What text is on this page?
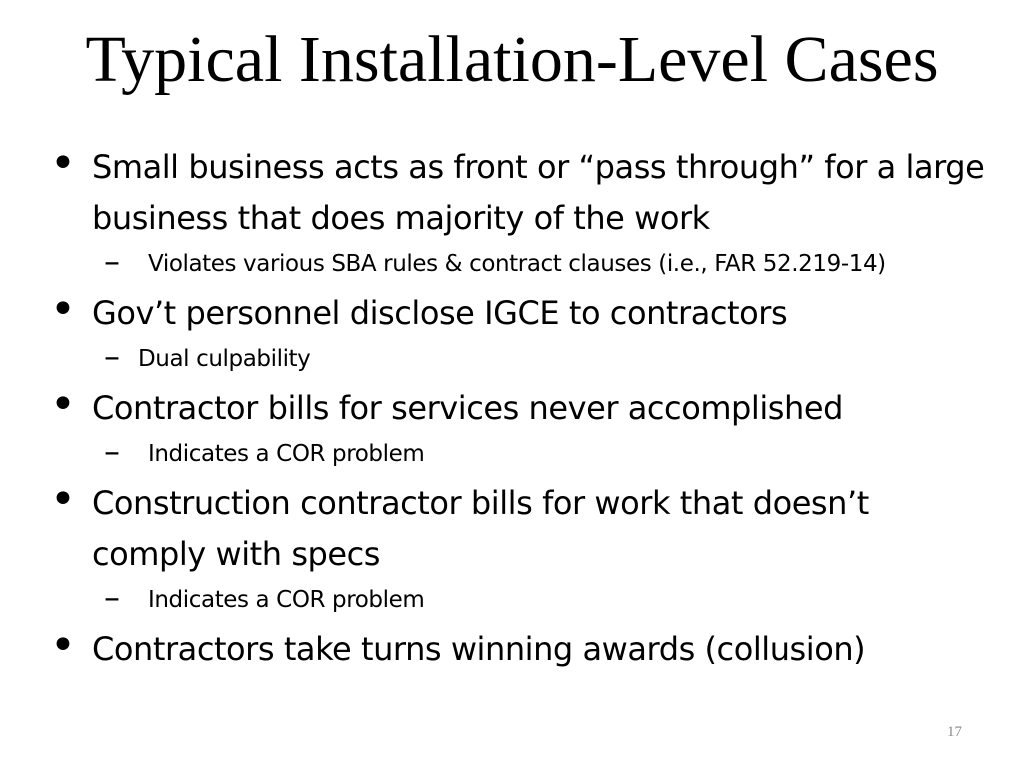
Typical Installation-Level Cases
• Small business acts as front or “pass through” for a large business that does majority of the work
– Violates various SBA rules & contract clauses (i.e., FAR 52.219-14)
• Gov’t personnel disclose IGCE to contractors
– Dual culpability
• Contractor bills for services never accomplished
– Indicates a COR problem
• Construction contractor bills for work that doesn’t comply with specs
– Indicates a COR problem
• Contractors take turns winning awards (collusion)
17
